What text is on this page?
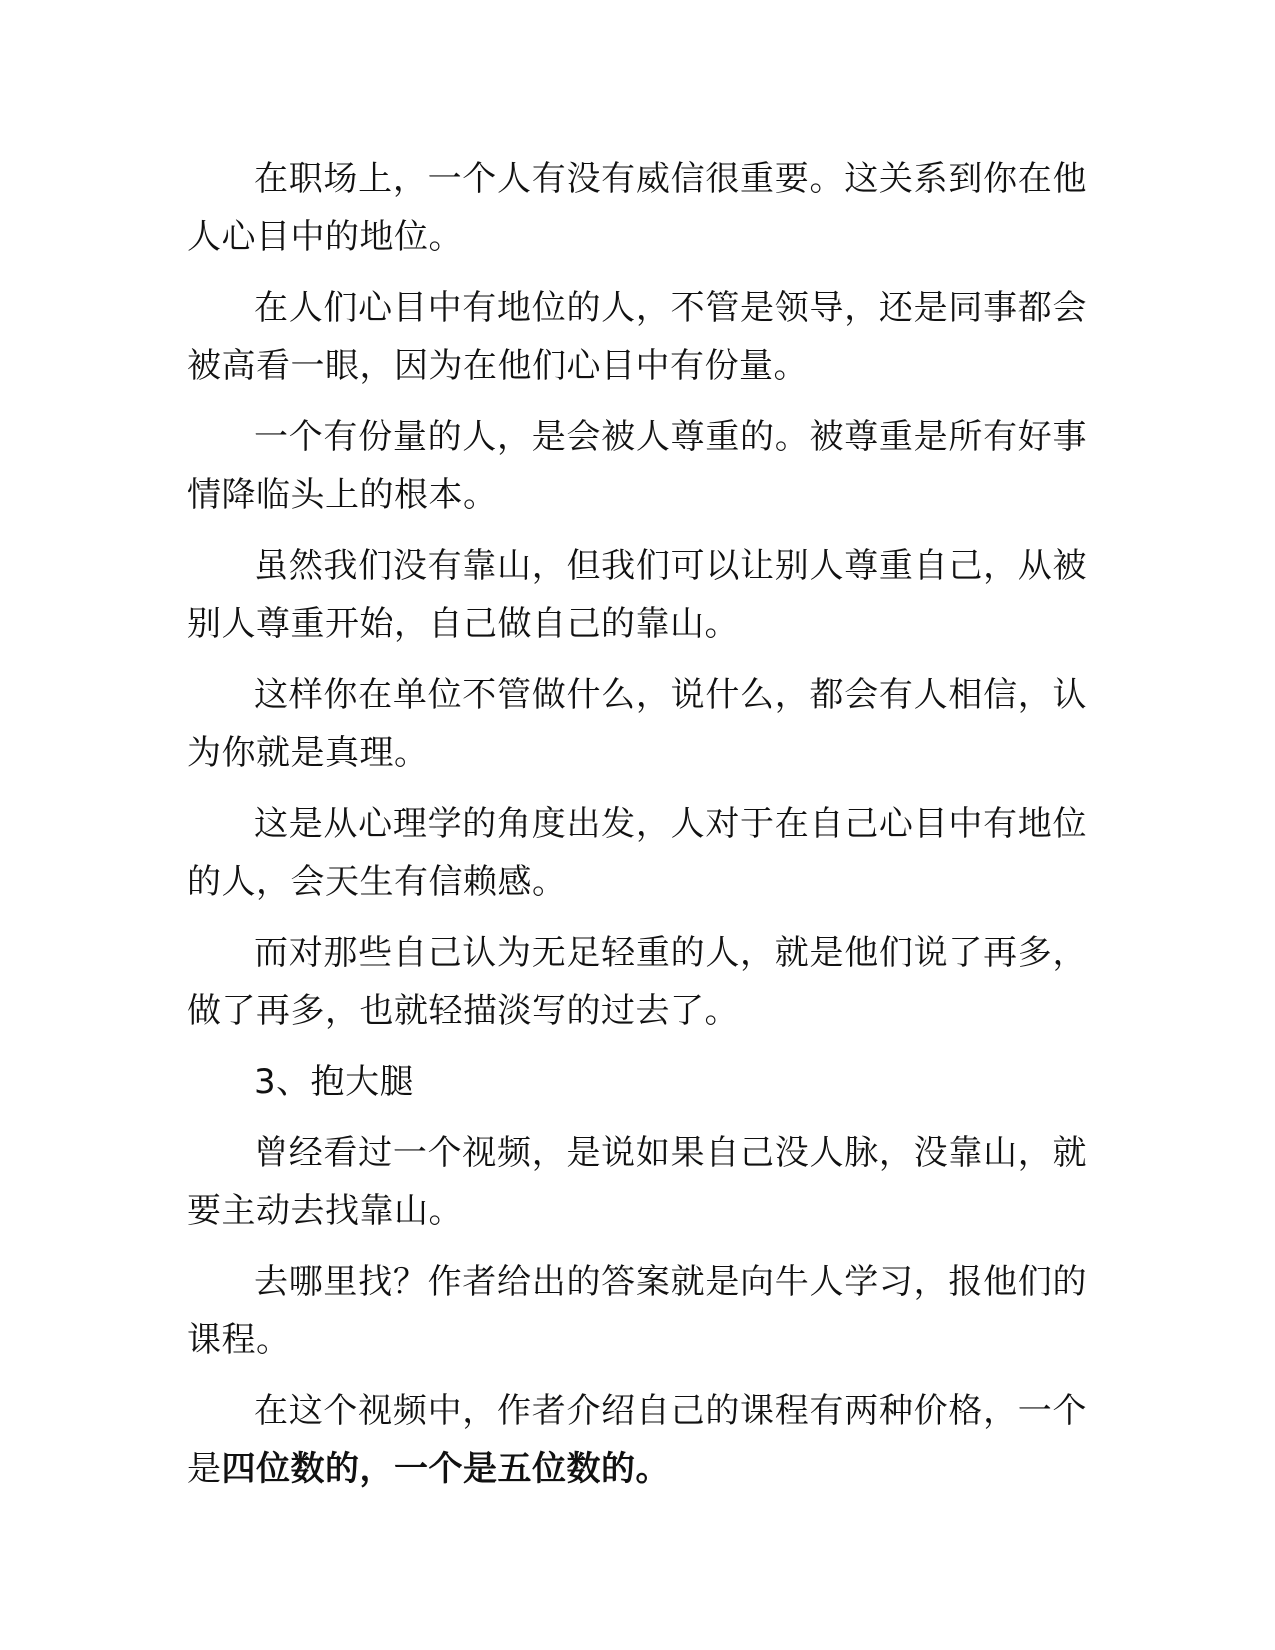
在职场上，一个人有没有威信很重要。这关系到你在他人心目中的地位。

在人们心目中有地位的人，不管是领导，还是同事都会被高看一眼，因为在他们心目中有份量。

一个有份量的人，是会被人尊重的。被尊重是所有好事情降临头上的根本。

虽然我们没有靠山，但我们可以让别人尊重自己，从被别人尊重开始，自己做自己的靠山。

这样你在单位不管做什么，说什么，都会有人相信，认为你就是真理。

这是从心理学的角度出发，人对于在自己心目中有地位的人，会天生有信赖感。

而对那些自己认为无足轻重的人，就是他们说了再多，做了再多，也就轻描淡写的过去了。

3、抱大腿

曾经看过一个视频，是说如果自己没人脉，没靠山，就要主动去找靠山。

去哪里找？作者给出的答案就是向牛人学习，报他们的课程。

在这个视频中，作者介绍自己的课程有两种价格，一个是四位数的，一个是五位数的。
